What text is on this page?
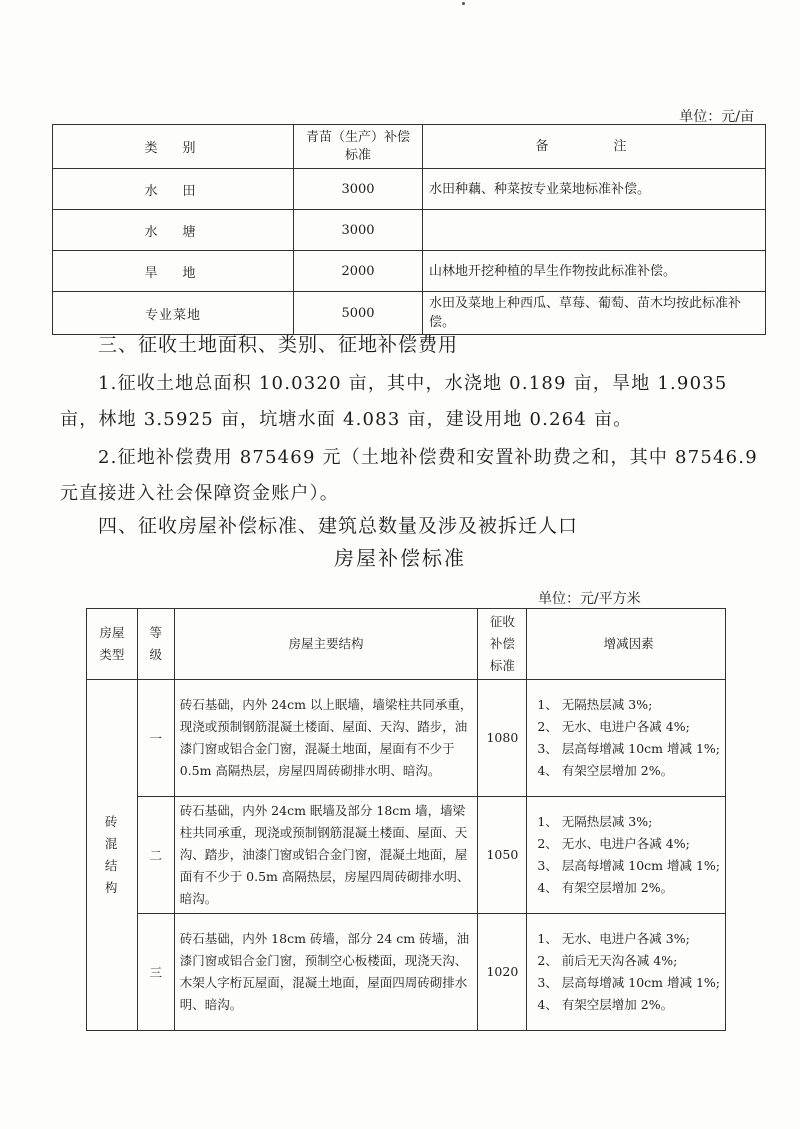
单位：元/亩
类　别	青苗（生产）补偿标准	备　注
水　田	3000	水田种藕、种菜按专业菜地标准补偿。
水　塘	3000	
旱　地	2000	山林地开挖种植的旱生作物按此标准补偿。
专业菜地	5000	水田及菜地上种西瓜、草莓、葡萄、苗木均按此标准补偿。
三、征收土地面积、类别、征地补偿费用
1.征收土地总面积 10.0320 亩，其中，水浇地 0.189 亩，旱地 1.9035 亩，林地 3.5925 亩，坑塘水面 4.083 亩，建设用地 0.264 亩。
2.征地补偿费用 875469 元（土地补偿费和安置补助费之和，其中 87546.9 元直接进入社会保障资金账户）。
四、征收房屋补偿标准、建筑总数量及涉及被拆迁人口
房屋补偿标准
单位：元/平方米
房屋类型	等级	房屋主要结构	征收补偿标准	增减因素
砖混结构	一	砖石基础，内外 24cm 以上眠墙，墙梁柱共同承重，现浇或预制钢筋混凝土楼面、屋面、天沟、踏步，油漆门窗或铝合金门窗，混凝土地面，屋面有不少于 0.5m 高隔热层，房屋四周砖砌排水明、暗沟。	1080	1、 无隔热层减 3%;
2、 无水、电进户各减 4%;
3、 层高每增减 10cm 增减 1%;
4、 有架空层增加 2%。

	二	砖石基础，内外 24cm 眠墙及部分 18cm 墙，墙梁柱共同承重，现浇或预制钢筋混凝土楼面、屋面、天沟、踏步，油漆门窗或铝合金门窗，混凝土地面，屋面有不少于 0.5m 高隔热层，房屋四周砖砌排水明、暗沟。	1050	1、 无隔热层减 3%;
2、 无水、电进户各减 4%;
3、 层高每增减 10cm 增减 1%;
4、 有架空层增加 2%。

	三	砖石基础，内外 18cm 砖墙，部分 24 cm 砖墙，油漆门窗或铝合金门窗，预制空心板楼面，现浇天沟、木架人字桁瓦屋面，混凝土地面，屋面四周砖砌排水明、暗沟。	1020	1、 无水、电进户各减 3%;
2、 前后无天沟各减 4%;
3、 层高每增减 10cm 增减 1%;
4、 有架空层增加 2%。
